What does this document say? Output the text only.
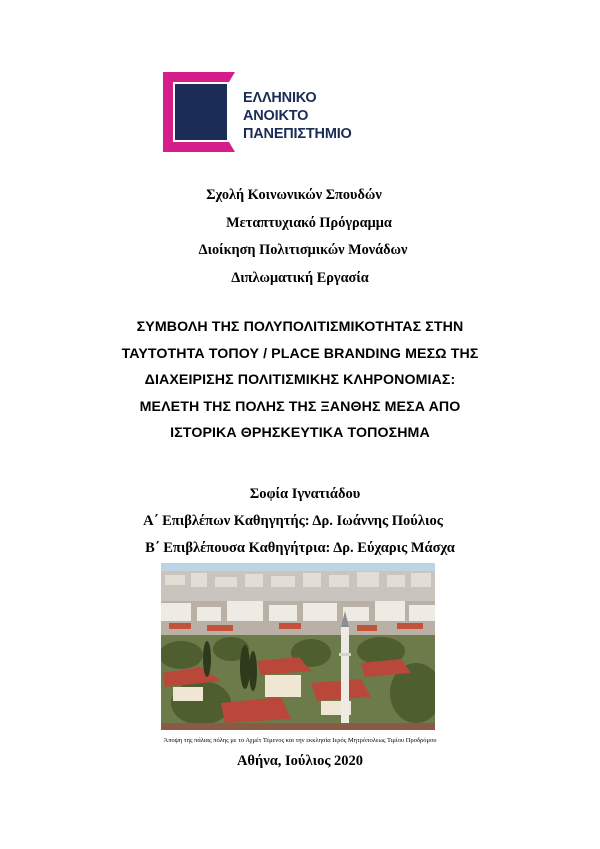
ΕΛΛΗΝΙΚΟ
ΑΝΟΙΚΤΟ
ΠΑΝΕΠΙΣΤΗΜΙΟ
Σχολή Κοινωνικών Σπουδών
Μεταπτυχιακό Πρόγραμμα
Διοίκηση Πολιτισμικών Μονάδων
Διπλωματική Εργασία
ΣΥΜΒΟΛΗ ΤΗΣ ΠΟΛΥΠΟΛΙΤΙΣΜΙΚΟΤΗΤΑΣ ΣΤΗΝ
ΤΑΥΤΟΤΗΤΑ ΤΟΠΟΥ / PLACE BRANDING ΜΕΣΩ ΤΗΣ
ΔΙΑΧΕΙΡΙΣΗΣ ΠΟΛΙΤΙΣΜΙΚΗΣ ΚΛΗΡΟΝΟΜΙΑΣ:
ΜΕΛΕΤΗ ΤΗΣ ΠΟΛΗΣ ΤΗΣ ΞΑΝΘΗΣ ΜΕΣΑ ΑΠΟ
ΙΣΤΟΡΙΚΑ ΘΡΗΣΚΕΥΤΙΚΑ ΤΟΠΟΣΗΜΑ
Σοφία Ιγνατιάδου
Α΄ Επιβλέπων Καθηγητής: Δρ. Ιωάννης Πούλιος
Β΄ Επιβλέπουσα Καθηγήτρια: Δρ. Εύχαρις Μάσχα
Άποψη της πάλιας πόλης με το Αχμέτ Τέμενος και την εκκλησία Ιερός Μητρόπολεως Τιμίου Προδρόμου
Αθήνα, Ιούλιος 2020
